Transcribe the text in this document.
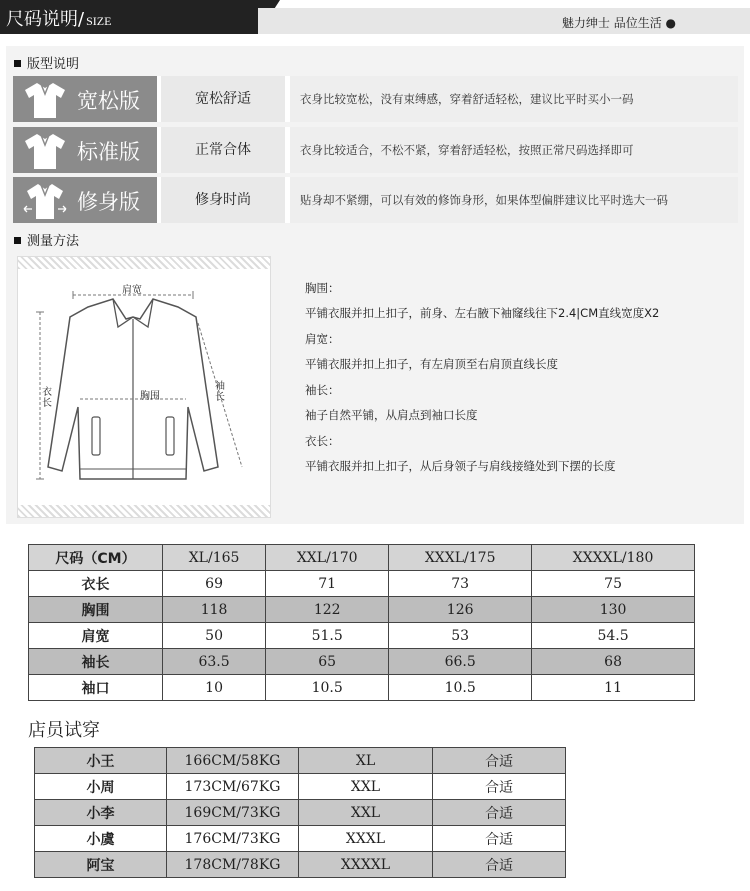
尺码说明/ SIZE	魅力绅士 品位生活 ●
版型说明
宽松版	宽松舒适	衣身比较宽松，没有束缚感，穿着舒适轻松，建议比平时买小一码
标准版	正常合体	衣身比较适合，不松不紧，穿着舒适轻松，按照正常尺码选择即可
修身版	修身时尚	贴身却不紧绷，可以有效的修饰身形，如果体型偏胖建议比平时选大一码
测量方法
肩宽
衣长
胸围
袖长
胸围：
平铺衣服并扣上扣子，前身、左右腋下袖窿线往下2.4|CM直线宽度X2
肩宽：
平铺衣服并扣上扣子，有左肩顶至右肩顶直线长度
袖长：
袖子自然平铺，从肩点到袖口长度
衣长：
平铺衣服并扣上扣子，从后身领子与肩线接缝处到下摆的长度
尺码（CM）	XL/165	XXL/170	XXXL/175	XXXXL/180
衣长	69	71	73	75
胸围	118	122	126	130
肩宽	50	51.5	53	54.5
袖长	63.5	65	66.5	68
袖口	10	10.5	10.5	11
店员试穿
小王	166CM/58KG	XL	合适
小周	173CM/67KG	XXL	合适
小李	169CM/73KG	XXL	合适
小虞	176CM/73KG	XXXL	合适
阿宝	178CM/78KG	XXXXL	合适
